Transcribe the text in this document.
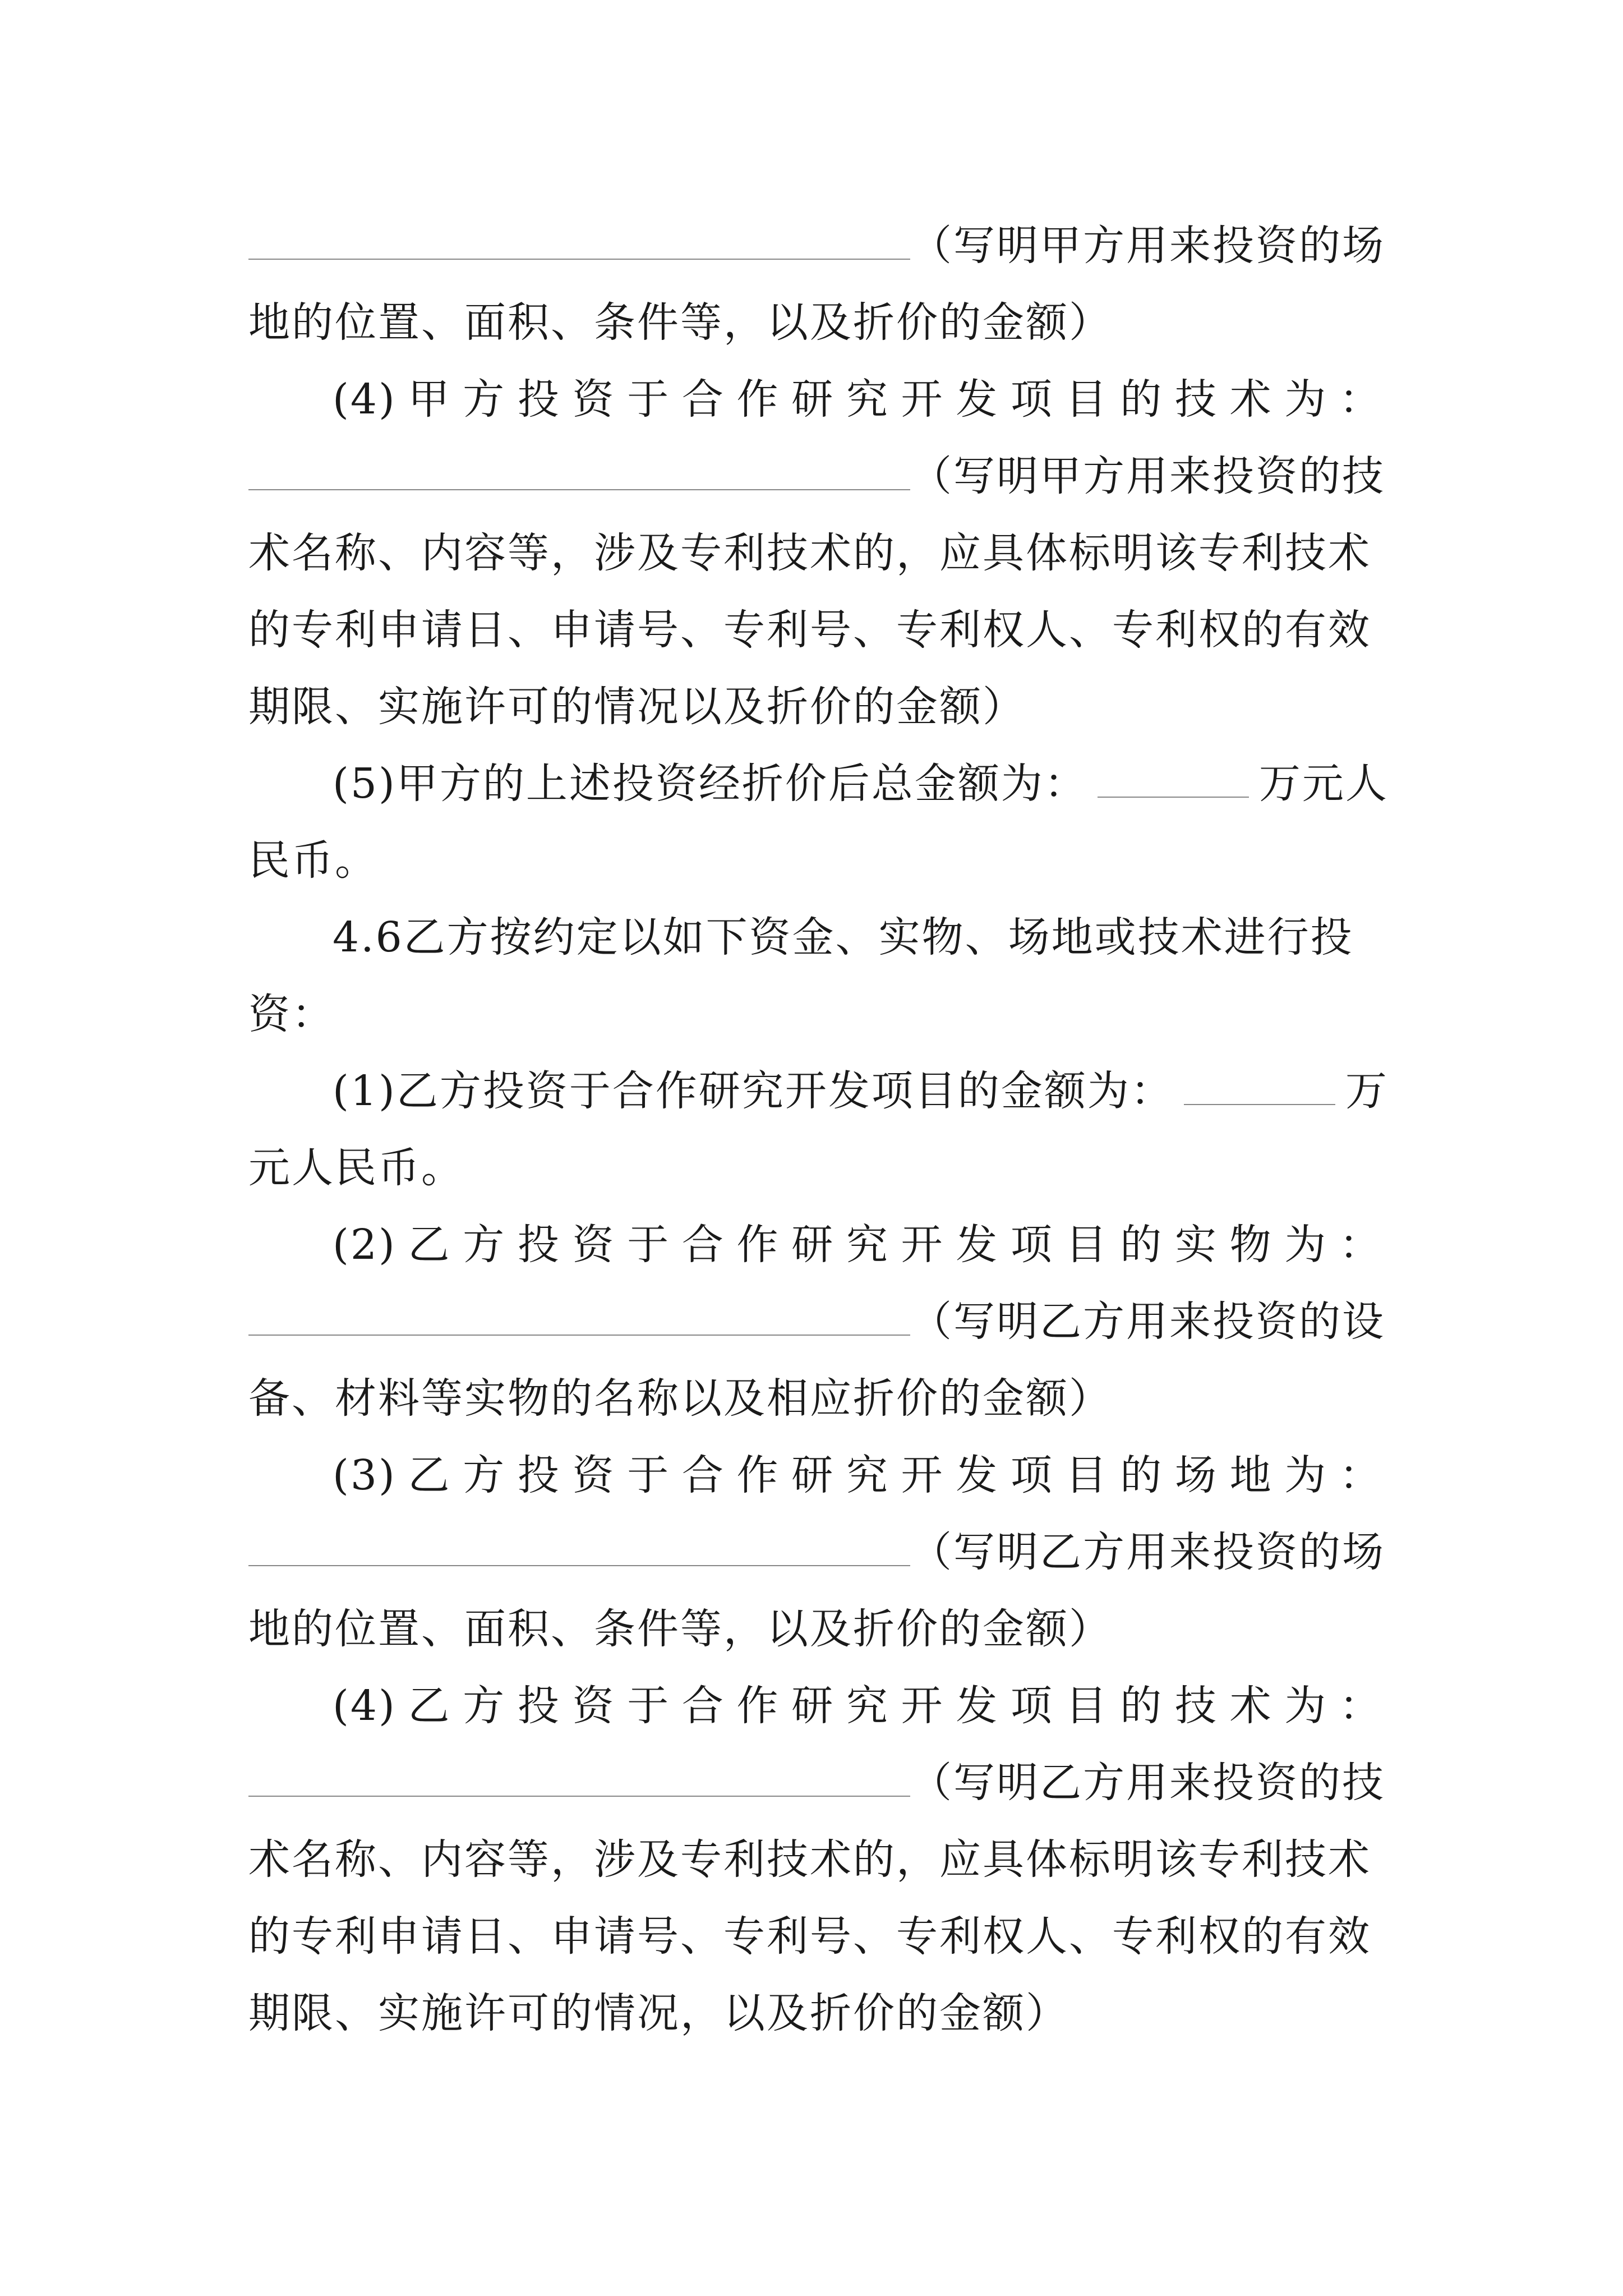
（写明甲方用来投资的场
地的位置、面积、条件等，以及折价的金额）
(4) 甲 方 投 资 于 合 作 研 究 开 发 项 目 的 技 术 为 ：
（写明甲方用来投资的技
术名称、内容等，涉及专利技术的，应具体标明该专利技术
的专利申请日、申请号、专利号、专利权人、专利权的有效
期限、实施许可的情况以及折价的金额）
(5)甲方的上述投资经折价后总金额为：	万元人
民币。
4.6乙方按约定以如下资金、实物、场地或技术进行投
资：
(1)乙方投资于合作研究开发项目的金额为：	万
元人民币。
(2) 乙 方 投 资 于 合 作 研 究 开 发 项 目 的 实 物 为 ：
（写明乙方用来投资的设
备、材料等实物的名称以及相应折价的金额）
(3) 乙 方 投 资 于 合 作 研 究 开 发 项 目 的 场 地 为 ：
（写明乙方用来投资的场
地的位置、面积、条件等，以及折价的金额）
(4) 乙 方 投 资 于 合 作 研 究 开 发 项 目 的 技 术 为 ：
（写明乙方用来投资的技
术名称、内容等，涉及专利技术的，应具体标明该专利技术
的专利申请日、申请号、专利号、专利权人、专利权的有效
期限、实施许可的情况，以及折价的金额）
